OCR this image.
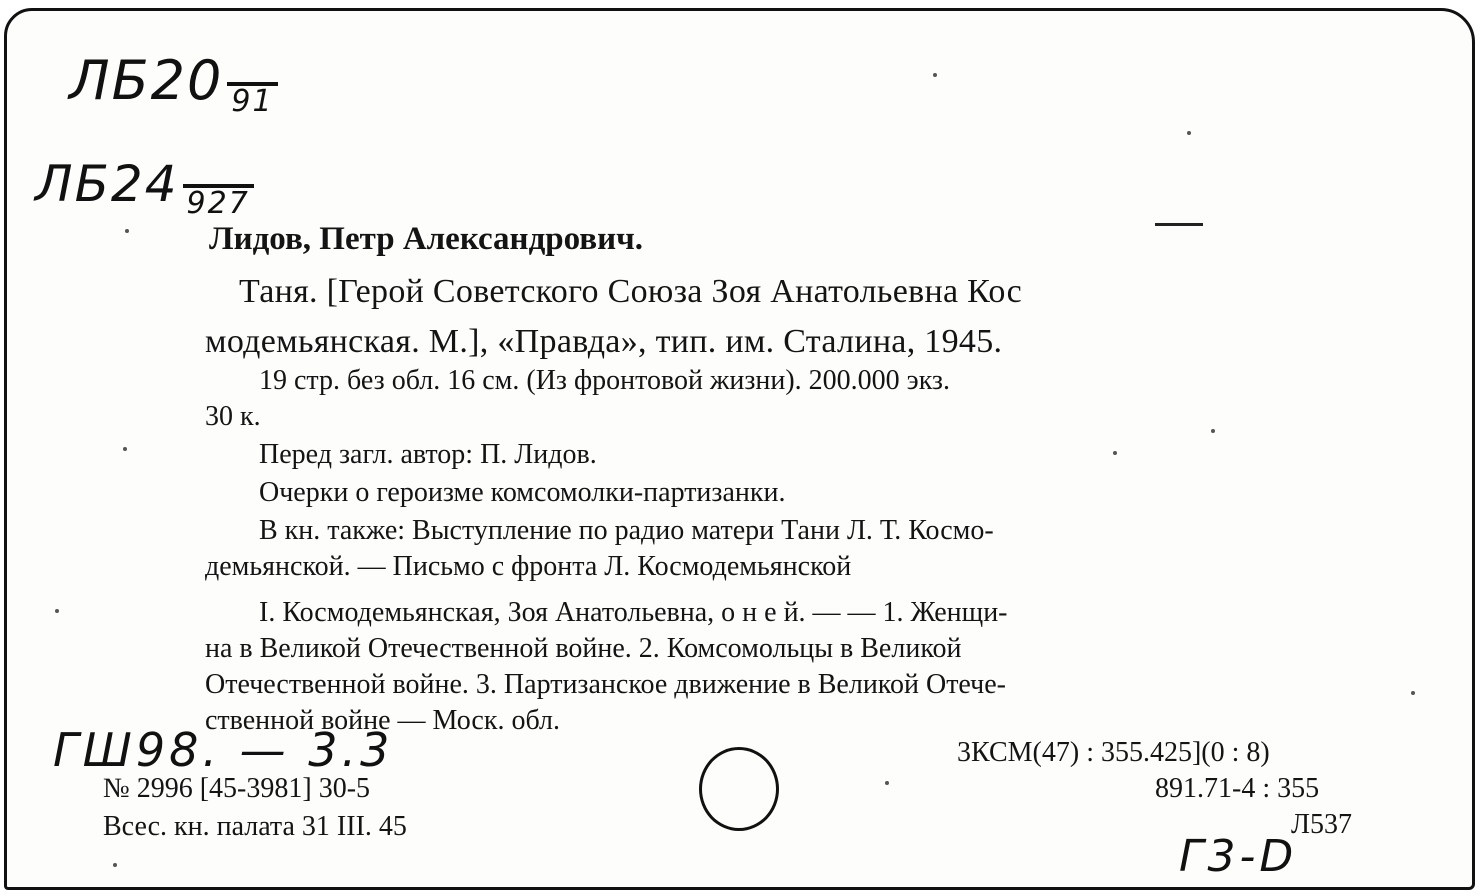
ЛБ20 91
ЛБ24 927
Лидов, Петр Александрович.
Таня. [Герой Советского Союза Зоя Анатольевна Кос
модемьянская. М.], «Правда», тип. им. Сталина, 1945.
19 стр. без обл. 16 см. (Из фронтовой жизни). 200.000 экз.
30 к.
Перед загл. автор: П. Лидов.
Очерки о героизме комсомолки-партизанки.
В кн. также: Выступление по радио матери Тани Л. Т. Космо-
демьянской. — Письмо с фронта Л. Космодемьянской
I. Космодемьянская, Зоя Анатольевна, о н е й. — — 1. Женщи-
на в Великой Отечественной войне. 2. Комсомольцы в Великой
Отечественной войне. 3. Партизанское движение в Великой Отече-
ственной войне — Моск. обл.
ГШ98. — 3.3
№ 2996 [45-3981] 30-5
Всес. кн. палата 31 III. 45
3КСМ(47) : 355.425](0 : 8)
891.71-4 : 355
Л537
Г3-D
